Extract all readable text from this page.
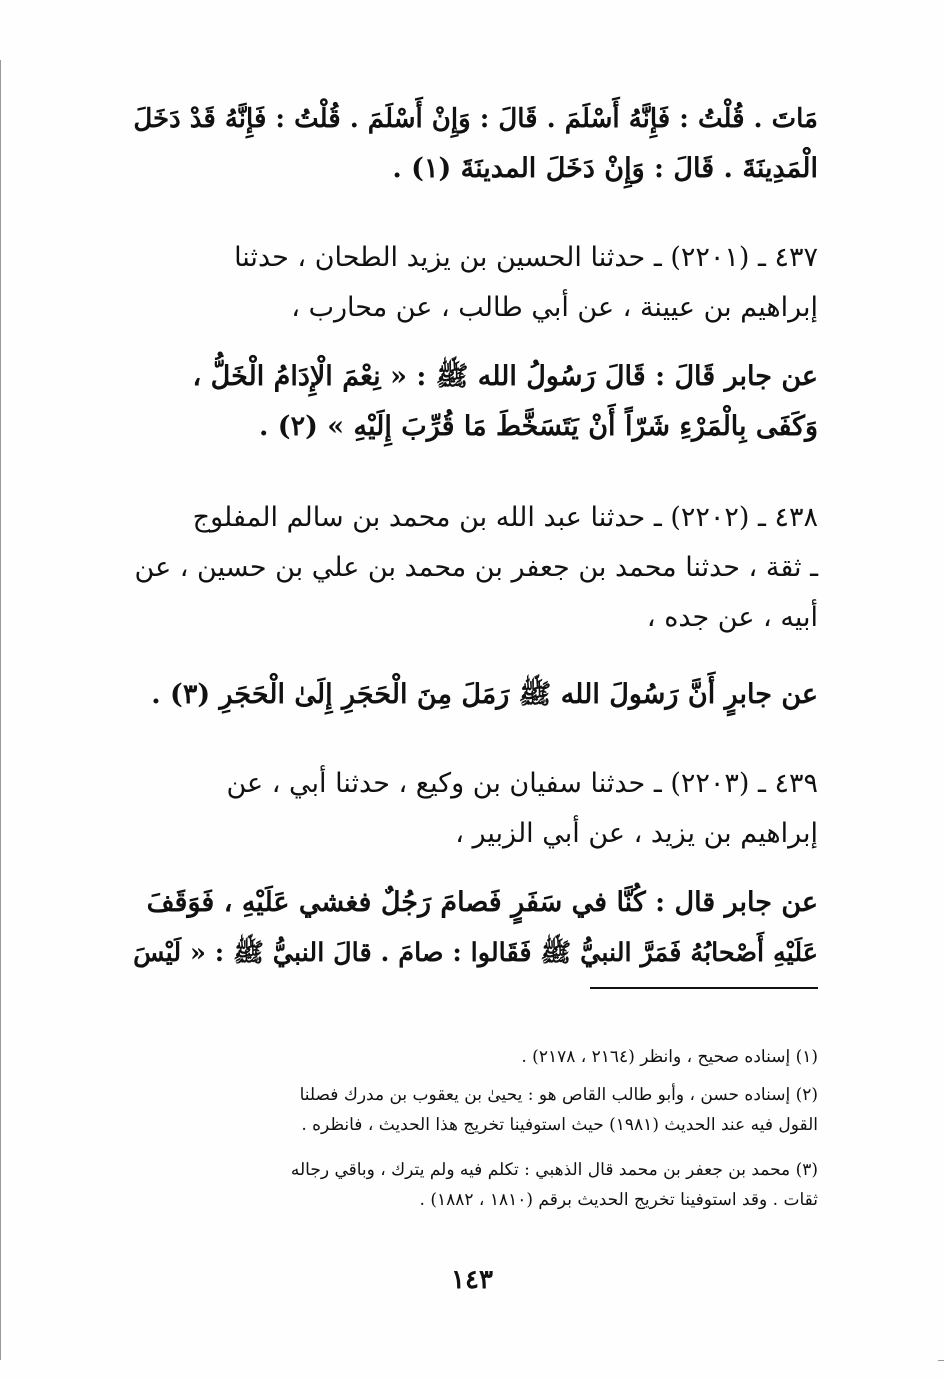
مَاتَ . قُلْتُ : فَإِنَّهُ أَسْلَمَ . قَالَ : وَإِنْ أَسْلَمَ . قُلْتُ : فَإِنَّهُ قَدْ دَخَلَ
الْمَدِينَةَ . قَالَ : وَإِنْ دَخَلَ المدينَةَ (١) .
٤٣٧ ـ (٢٢٠١) ـ حدثنا الحسين بن يزيد الطحان ، حدثنا
إبراهيم بن عيينة ، عن أبي طالب ، عن محارب ،
عن جابر قَالَ : قَالَ رَسُولُ الله ﷺ : « نِعْمَ الْإِدَامُ الْخَلُّ ،
وَكَفَى بِالْمَرْءِ شَرّاً أَنْ يَتَسَخَّطَ مَا قُرِّبَ إِلَيْهِ » (٢) .
٤٣٨ ـ (٢٢٠٢) ـ حدثنا عبد الله بن محمد بن سالم المفلوج
ـ ثقة ، حدثنا محمد بن جعفر بن محمد بن علي بن حسين ، عن
أبيه ، عن جده ،
عن جابرٍ أَنَّ رَسُولَ الله ﷺ رَمَلَ مِنَ الْحَجَرِ إِلَىٰ الْحَجَرِ (٣) .
٤٣٩ ـ (٢٢٠٣) ـ حدثنا سفيان بن وكيع ، حدثنا أبي ، عن
إبراهيم بن يزيد ، عن أبي الزبير ،
عن جابر قال : كُنَّا في سَفَرٍ فَصامَ رَجُلٌ فغشي عَلَيْهِ ، فَوَقَفَ
عَلَيْهِ أَصْحابُهُ فَمَرَّ النبيُّ ﷺ فَقَالوا : صامَ . قالَ النبيُّ ﷺ : « لَيْسَ
(١) إسناده صحيح ، وانظر (٢١٦٤ ، ٢١٧٨) .
(٢) إسناده حسن ، وأبو طالب القاص هو : يحيىٰ بن يعقوب بن مدرك فصلنا
القول فيه عند الحديث (١٩٨١) حيث استوفينا تخريج هذا الحديث ، فانظره .
(٣) محمد بن جعفر بن محمد قال الذهبي : تكلم فيه ولم يترك ، وباقي رجاله
ثقات . وقد استوفينا تخريج الحديث برقم (١٨١٠ ، ١٨٨٢) .
١٤٣
